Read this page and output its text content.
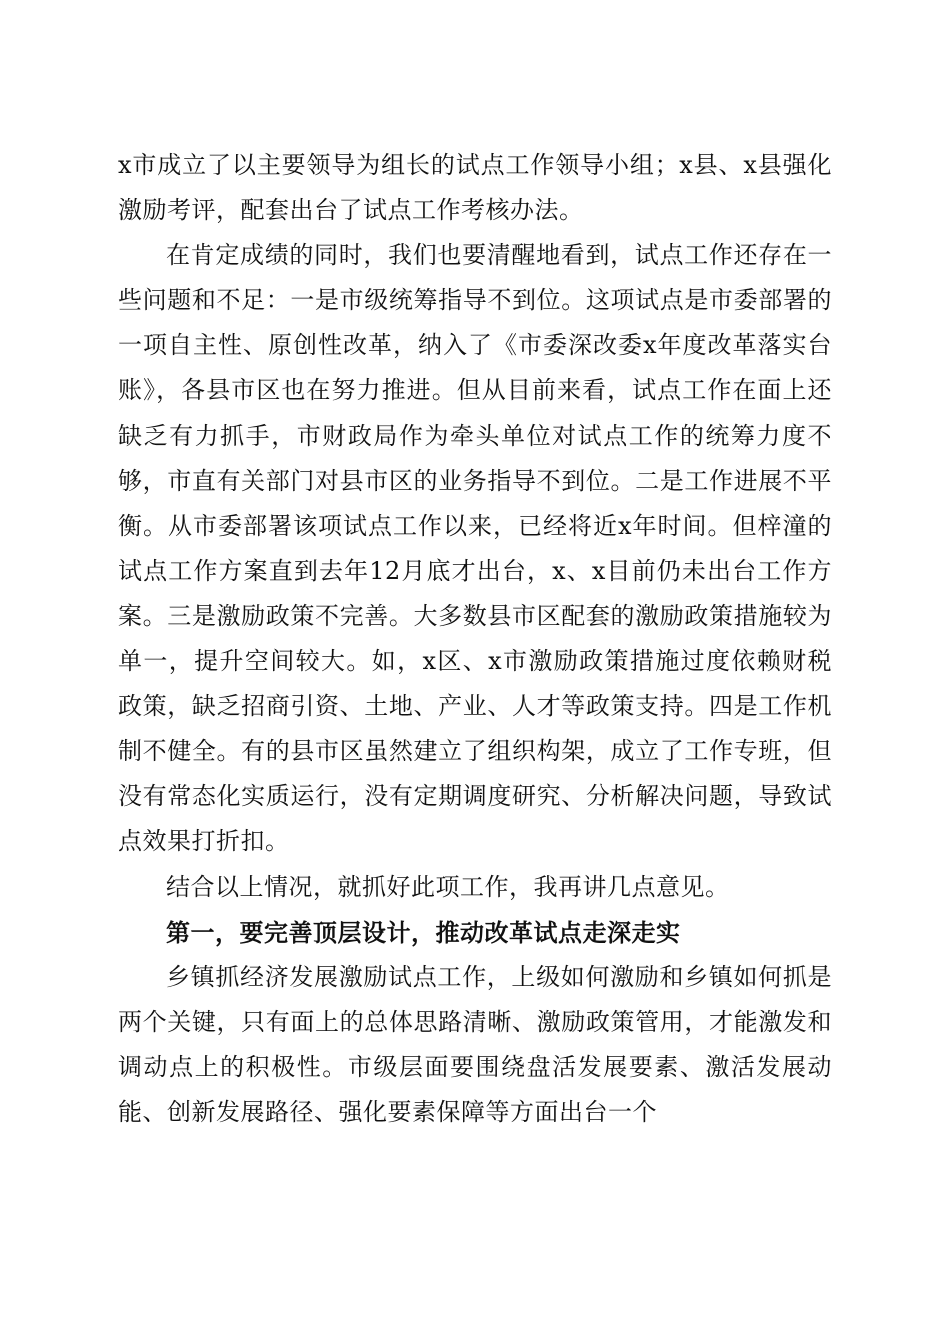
x市成立了以主要领导为组长的试点工作领导小组；x县、x县强化激励考评，配套出台了试点工作考核办法。

在肯定成绩的同时，我们也要清醒地看到，试点工作还存在一些问题和不足：一是市级统筹指导不到位。这项试点是市委部署的一项自主性、原创性改革，纳入了《市委深改委x年度改革落实台账》，各县市区也在努力推进。但从目前来看，试点工作在面上还缺乏有力抓手，市财政局作为牵头单位对试点工作的统筹力度不够，市直有关部门对县市区的业务指导不到位。二是工作进展不平衡。从市委部署该项试点工作以来，已经将近x年时间。但梓潼的试点工作方案直到去年12月底才出台，x、x目前仍未出台工作方案。三是激励政策不完善。大多数县市区配套的激励政策措施较为单一，提升空间较大。如，x区、x市激励政策措施过度依赖财税政策，缺乏招商引资、土地、产业、人才等政策支持。四是工作机制不健全。有的县市区虽然建立了组织构架，成立了工作专班，但没有常态化实质运行，没有定期调度研究、分析解决问题，导致试点效果打折扣。

结合以上情况，就抓好此项工作，我再讲几点意见。

第一，要完善顶层设计，推动改革试点走深走实

乡镇抓经济发展激励试点工作，上级如何激励和乡镇如何抓是两个关键，只有面上的总体思路清晰、激励政策管用，才能激发和调动点上的积极性。市级层面要围绕盘活发展要素、激活发展动能、创新发展路径、强化要素保障等方面出台一个
